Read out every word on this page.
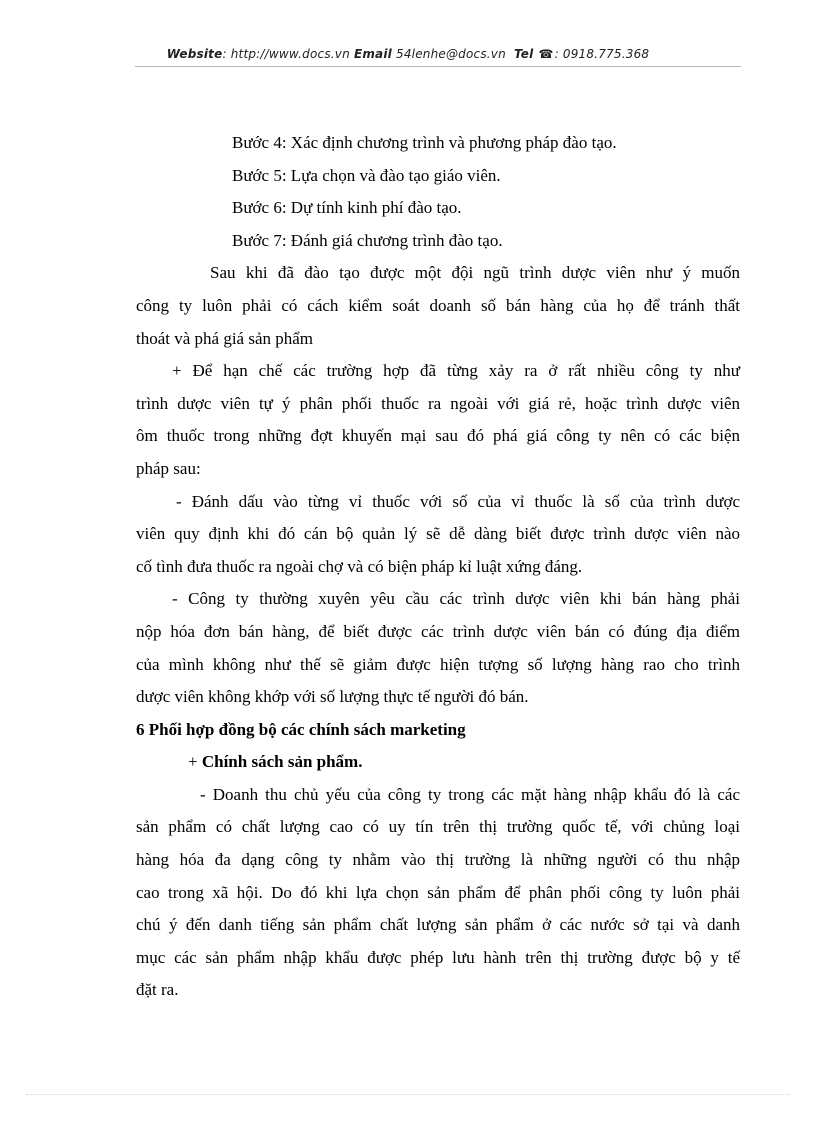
Website: http://www.docs.vn Email 54lenhe@docs.vn Tel ☎: 0918.775.368
Bước 4: Xác định chương trình và phương pháp đào tạo.
Bước 5: Lựa chọn và đào tạo giáo viên.
Bước 6: Dự tính kinh phí đào tạo.
Bước 7: Đánh giá chương trình đào tạo.
Sau khi đã đào tạo được một đội ngũ trình dược viên như ý muốn
công ty luôn phải có cách kiểm soát doanh số bán hàng của họ để tránh thất
thoát và phá giá sản phẩm
+ Để hạn chế các trường hợp đã từng xảy ra ở rất nhiều công ty như
trình dược viên tự ý phân phối thuốc ra ngoài với giá rẻ, hoặc trình dược viên
ôm thuốc trong những đợt khuyến mại sau đó phá giá công ty nên có các biện
pháp sau:
- Đánh dấu vào từng vỉ thuốc với số của vỉ thuốc là số của trình dược
viên quy định khi đó cán bộ quản lý sẽ dễ dàng biết được trình dược viên nào
cố tình đưa thuốc ra ngoài chợ và có biện pháp kỉ luật xứng đáng.
- Công ty thường xuyên yêu cầu các trình dược viên khi bán hàng phải
nộp hóa đơn bán hàng, để biết được các trình dược viên bán có đúng địa điểm
của mình không như thế sẽ giảm được hiện tượng số lượng hàng rao cho trình
dược viên không khớp với số lượng thực tế người đó bán.
6 Phối hợp đồng bộ các chính sách marketing
+ Chính sách sản phẩm.
- Doanh thu chủ yếu của công ty trong các mặt hàng nhập khẩu đó là các
sản phẩm có chất lượng cao có uy tín trên thị trường quốc tế, với chủng loại
hàng hóa đa dạng công ty nhằm vào thị trường là những người có thu nhập
cao trong xã hội. Do đó khi lựa chọn sản phẩm để phân phối công ty luôn phải
chú ý đến danh tiếng sản phẩm chất lượng sản phẩm ở các nước sở tại và danh
mục các sản phẩm nhập khẩu được phép lưu hành trên thị trường được bộ y tế
đặt ra.
